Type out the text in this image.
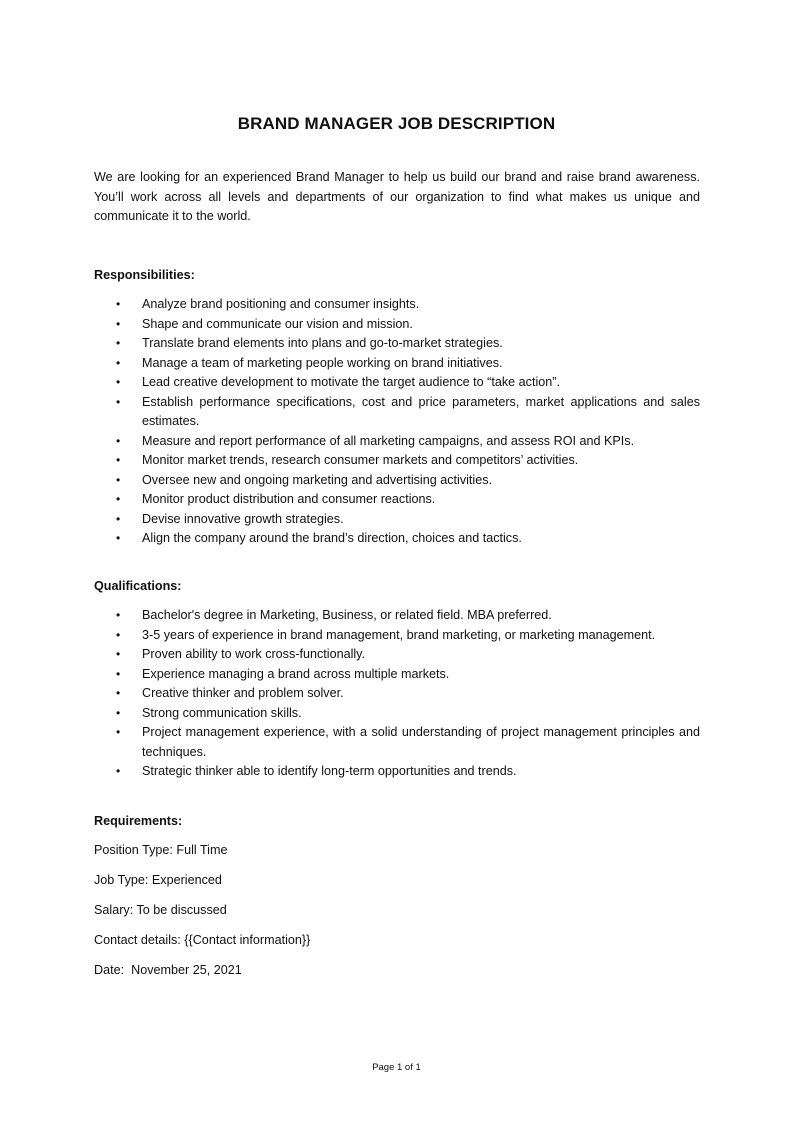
BRAND MANAGER JOB DESCRIPTION

We are looking for an experienced Brand Manager to help us build our brand and raise brand awareness. You’ll work across all levels and departments of our organization to find what makes us unique and communicate it to the world.

Responsibilities:

• Analyze brand positioning and consumer insights.
• Shape and communicate our vision and mission.
• Translate brand elements into plans and go-to-market strategies.
• Manage a team of marketing people working on brand initiatives.
• Lead creative development to motivate the target audience to “take action”.
• Establish performance specifications, cost and price parameters, market applications and sales estimates.
• Measure and report performance of all marketing campaigns, and assess ROI and KPIs.
• Monitor market trends, research consumer markets and competitors’ activities.
• Oversee new and ongoing marketing and advertising activities.
• Monitor product distribution and consumer reactions.
• Devise innovative growth strategies.
• Align the company around the brand’s direction, choices and tactics.

Qualifications:

• Bachelor's degree in Marketing, Business, or related field. MBA preferred.
• 3-5 years of experience in brand management, brand marketing, or marketing management.
• Proven ability to work cross-functionally.
• Experience managing a brand across multiple markets.
• Creative thinker and problem solver.
• Strong communication skills.
• Project management experience, with a solid understanding of project management principles and techniques.
• Strategic thinker able to identify long-term opportunities and trends.

Requirements:

Position Type: Full Time

Job Type: Experienced

Salary: To be discussed

Contact details: {{Contact information}}

Date:  November 25, 2021

Page 1 of 1
